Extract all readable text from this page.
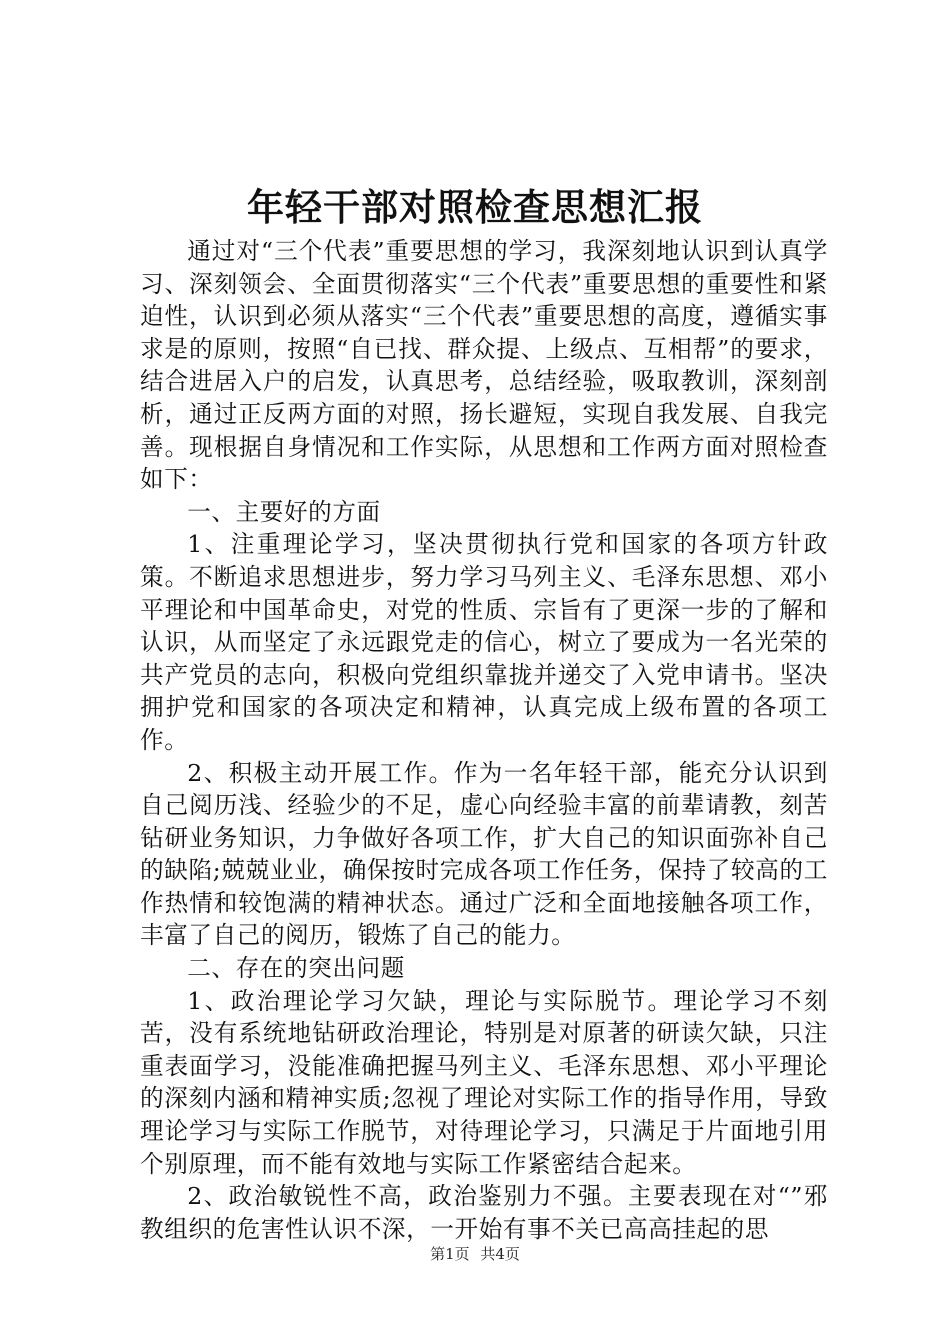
年轻干部对照检查思想汇报

通过对“三个代表”重要思想的学习，我深刻地认识到认真学习、深刻领会、全面贯彻落实“三个代表”重要思想的重要性和紧迫性，认识到必须从落实“三个代表”重要思想的高度，遵循实事求是的原则，按照“自已找、群众提、上级点、互相帮”的要求，结合进居入户的启发，认真思考，总结经验，吸取教训，深刻剖析，通过正反两方面的对照，扬长避短，实现自我发展、自我完善。现根据自身情况和工作实际，从思想和工作两方面对照检查如下：

一、主要好的方面

1、注重理论学习，坚决贯彻执行党和国家的各项方针政策。不断追求思想进步，努力学习马列主义、毛泽东思想、邓小平理论和中国革命史，对党的性质、宗旨有了更深一步的了解和认识，从而坚定了永远跟党走的信心，树立了要成为一名光荣的共产党员的志向，积极向党组织靠拢并递交了入党申请书。坚决拥护党和国家的各项决定和精神，认真完成上级布置的各项工作。

2、积极主动开展工作。作为一名年轻干部，能充分认识到自己阅历浅、经验少的不足，虚心向经验丰富的前辈请教，刻苦钻研业务知识，力争做好各项工作，扩大自己的知识面弥补自己的缺陷;兢兢业业，确保按时完成各项工作任务，保持了较高的工作热情和较饱满的精神状态。通过广泛和全面地接触各项工作，丰富了自己的阅历，锻炼了自己的能力。

二、存在的突出问题

1、政治理论学习欠缺，理论与实际脱节。理论学习不刻苦，没有系统地钻研政治理论，特别是对原著的研读欠缺，只注重表面学习，没能准确把握马列主义、毛泽东思想、邓小平理论的深刻内涵和精神实质;忽视了理论对实际工作的指导作用，导致理论学习与实际工作脱节，对待理论学习，只满足于片面地引用个别原理，而不能有效地与实际工作紧密结合起来。

2、政治敏锐性不高，政治鉴别力不强。主要表现在对“”邪教组织的危害性认识不深，一开始有事不关已高高挂起的思

第1页 共4页
